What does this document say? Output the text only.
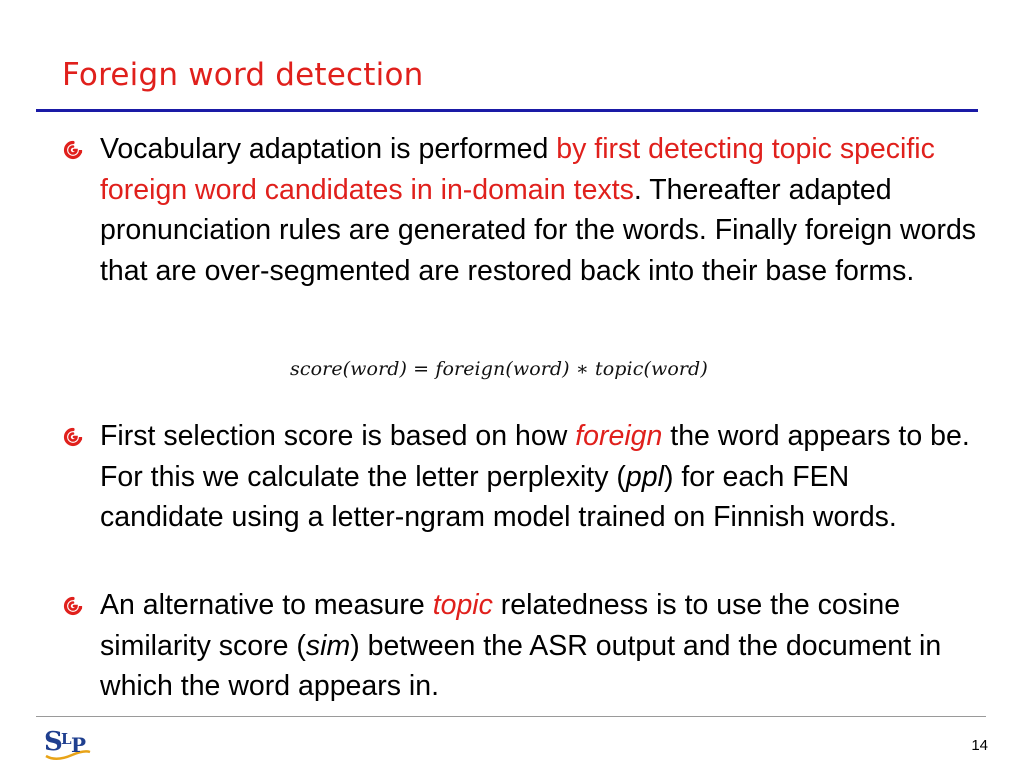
Foreign word detection

Vocabulary adaptation is performed by first detecting topic specific foreign word candidates in in-domain texts. Thereafter adapted pronunciation rules are generated for the words. Finally foreign words that are over-segmented are restored back into their base forms.

score(word) = foreign(word) ∗ topic(word)

First selection score is based on how foreign the word appears to be. For this we calculate the letter perplexity (ppl) for each FEN candidate using a letter-ngram model trained on Finnish words.

An alternative to measure topic relatedness is to use the cosine similarity score (sim) between the ASR output and the document in which the word appears in.

S
L P	14
